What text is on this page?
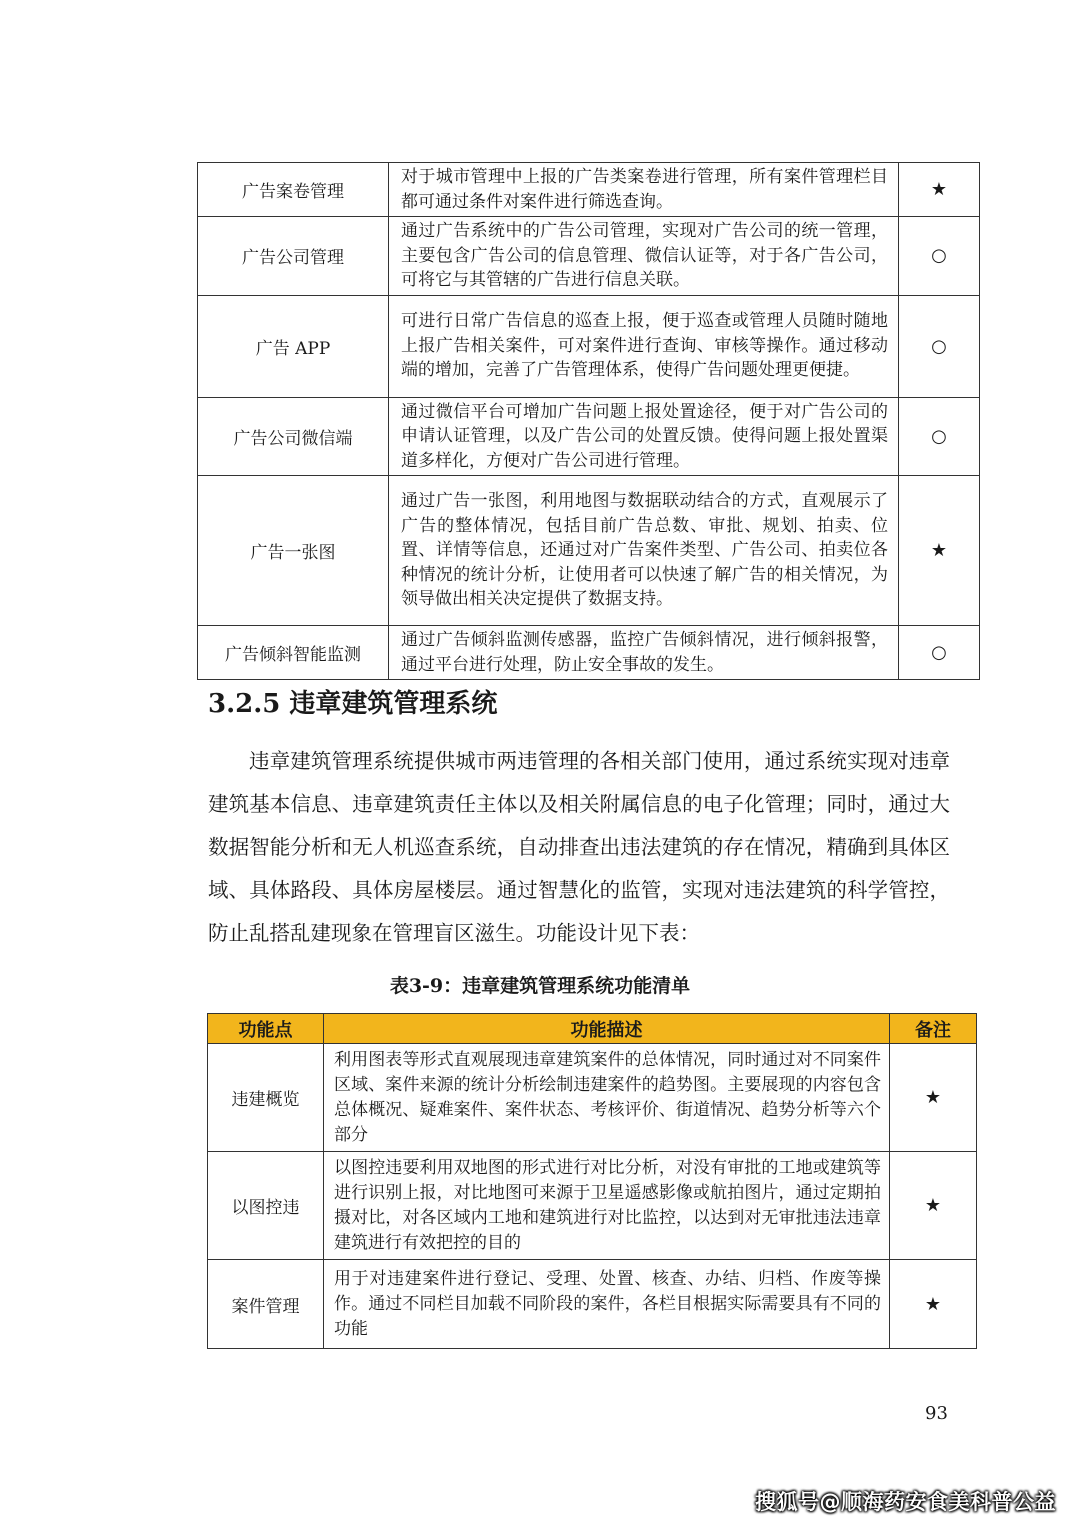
广告案卷管理	对于城市管理中上报的广告类案卷进行管理，所有案件管理栏目都可通过条件对案件进行筛选查询。	★
广告公司管理	通过广告系统中的广告公司管理，实现对广告公司的统一管理，主要包含广告公司的信息管理、微信认证等，对于各广告公司，可将它与其管辖的广告进行信息关联。	○
广告 APP	可进行日常广告信息的巡查上报，便于巡查或管理人员随时随地上报广告相关案件，可对案件进行查询、审核等操作。通过移动端的增加，完善了广告管理体系，使得广告问题处理更便捷。	○
广告公司微信端	通过微信平台可增加广告问题上报处置途径，便于对广告公司的申请认证管理，以及广告公司的处置反馈。使得问题上报处置渠道多样化，方便对广告公司进行管理。	○
广告一张图	通过广告一张图，利用地图与数据联动结合的方式，直观展示了广告的整体情况，包括目前广告总数、审批、规划、拍卖、位置、详情等信息，还通过对广告案件类型、广告公司、拍卖位各种情况的统计分析，让使用者可以快速了解广告的相关情况，为领导做出相关决定提供了数据支持。	★
广告倾斜智能监测	通过广告倾斜监测传感器，监控广告倾斜情况，进行倾斜报警，通过平台进行处理，防止安全事故的发生。	○
3.2.5 违章建筑管理系统

违章建筑管理系统提供城市两违管理的各相关部门使用，通过系统实现对违章建筑基本信息、违章建筑责任主体以及相关附属信息的电子化管理；同时，通过大数据智能分析和无人机巡查系统，自动排查出违法建筑的存在情况，精确到具体区域、具体路段、具体房屋楼层。通过智慧化的监管，实现对违法建筑的科学管控，防止乱搭乱建现象在管理盲区滋生。功能设计见下表：

表3-9：违章建筑管理系统功能清单

功能点	功能描述	备注
违建概览	利用图表等形式直观展现违章建筑案件的总体情况，同时通过对不同案件区域、案件来源的统计分析绘制违建案件的趋势图。主要展现的内容包含总体概况、疑难案件、案件状态、考核评价、街道情况、趋势分析等六个部分	★
以图控违	以图控违要利用双地图的形式进行对比分析，对没有审批的工地或建筑等进行识别上报，对比地图可来源于卫星遥感影像或航拍图片，通过定期拍摄对比，对各区域内工地和建筑进行对比监控，以达到对无审批违法违章建筑进行有效把控的目的	★
案件管理	用于对违建案件进行登记、受理、处置、核查、办结、归档、作废等操作。通过不同栏目加载不同阶段的案件，各栏目根据实际需要具有不同的功能	★
93
搜狐号@顺海药安食美科普公益
